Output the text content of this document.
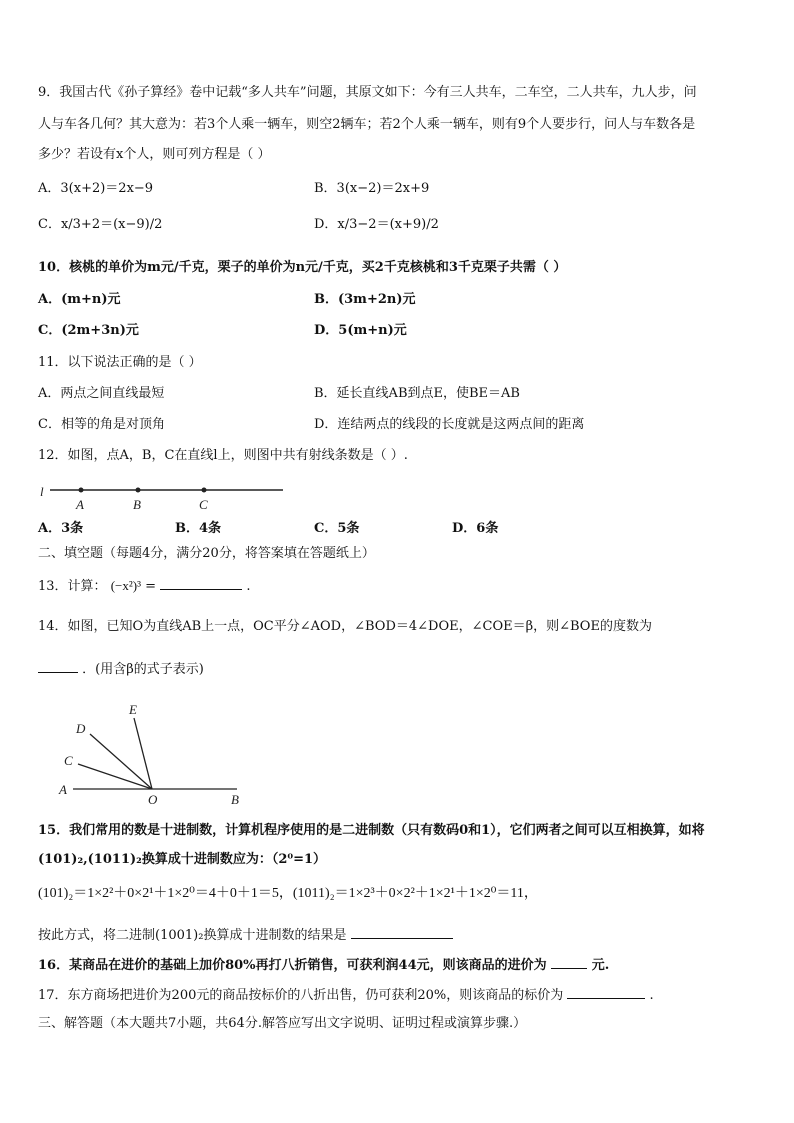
9．我国古代《孙子算经》卷中记载“多人共车”问题，其原文如下：今有三人共车，二车空，二人共车，九人步，问
人与车各几何？其大意为：若3个人乘一辆车，则空2辆车；若2个人乘一辆车，则有9个人要步行，问人与车数各是
多少？若设有x个人，则可列方程是（ ）
A．3(x+2)＝2x−9	B．3(x−2)＝2x+9
C．x/3+2＝(x−9)/2	D．x/3−2＝(x+9)/2
10．核桃的单价为m元/千克，栗子的单价为n元/千克，买2千克核桃和3千克栗子共需（ ）
A．(m+n)元	B．(3m+2n)元
C．(2m+3n)元	D．5(m+n)元
11．以下说法正确的是（ ）
A．两点之间直线最短	B．延长直线AB到点E，使BE＝AB
C．相等的角是对顶角	D．连结两点的线段的长度就是这两点间的距离
12．如图，点A，B，C在直线l上，则图中共有射线条数是（ ）.
l
A	B	C
A．3条	B．4条	C．5条	D．6条
二、填空题（每题4分，满分20分，将答案填在答题纸上）
13．计算： (−x²)³ =	.
14．如图，已知O为直线AB上一点，OC平分∠AOD，∠BOD＝4∠DOE，∠COE＝β，则∠BOE的度数为
．(用含β的式子表示)
E
D
C
A
O	B
15．我们常用的数是十进制数，计算机程序使用的是二进制数（只有数码0和1），它们两者之间可以互相换算，如将
(101)₂,(1011)₂换算成十进制数应为：（2⁰=1）
(101)₂＝1×2²＋0×2¹＋1×2⁰＝4＋0＋1＝5，(1011)₂＝1×2³＋0×2²＋1×2¹＋1×2⁰＝11，
按此方式，将二进制(1001)₂换算成十进制数的结果是
16．某商品在进价的基础上加价80%再打八折销售，可获利润44元，则该商品的进价为	元.
17．东方商场把进价为200元的商品按标价的八折出售，仍可获利20%，则该商品的标价为	.
三、解答题（本大题共7小题，共64分.解答应写出文字说明、证明过程或演算步骤.）
